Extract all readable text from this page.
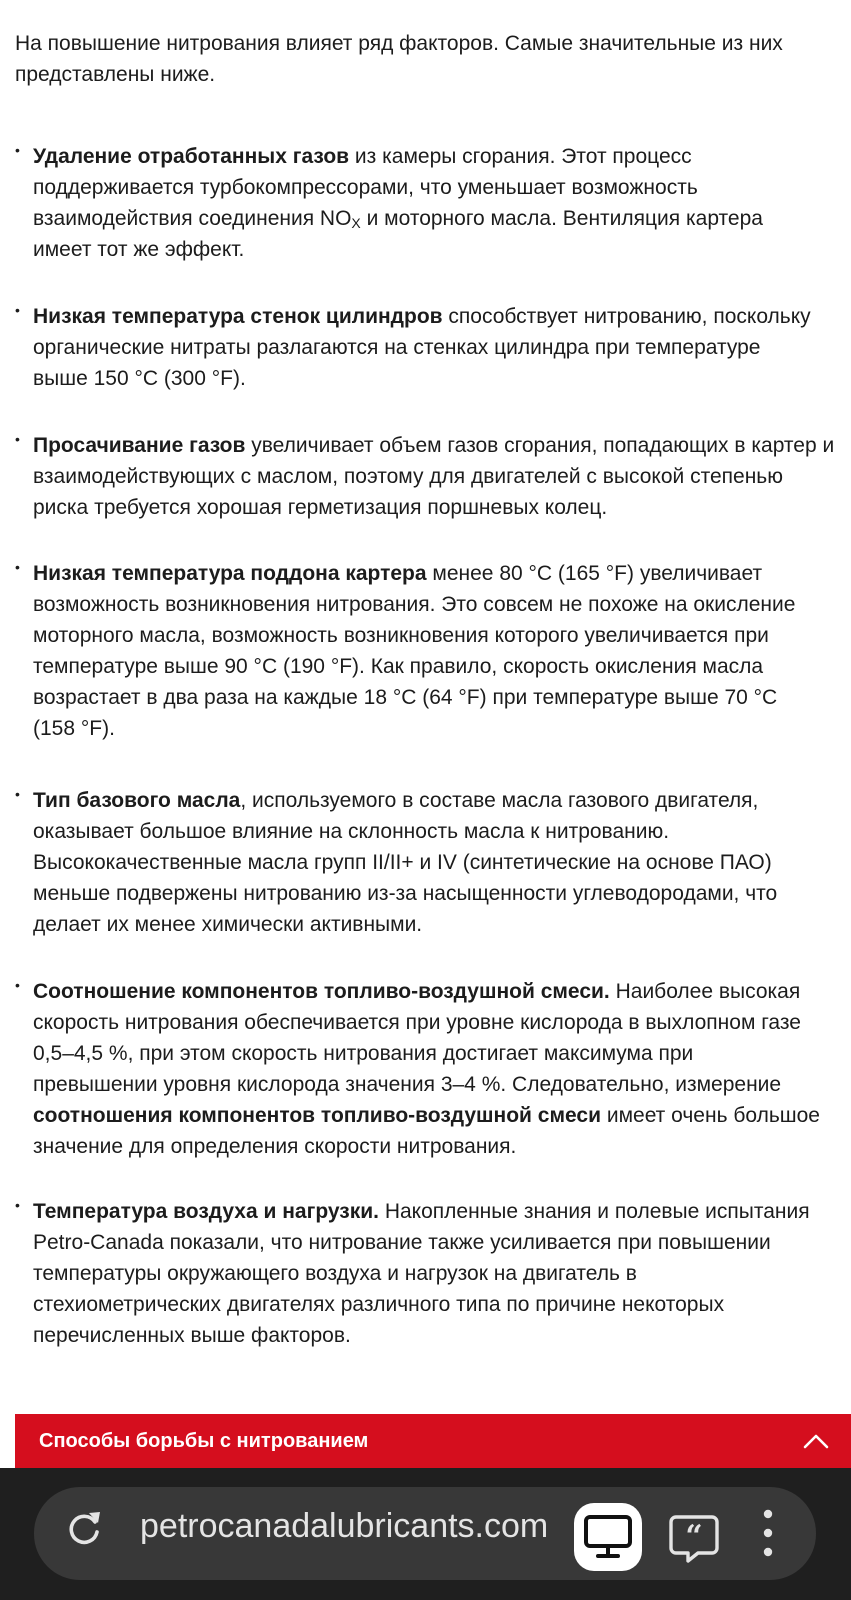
На повышение нитрования влияет ряд факторов. Самые значительные из них
представлены ниже.

• Удаление отработанных газов из камеры сгорания. Этот процесс
поддерживается турбокомпрессорами, что уменьшает возможность
взаимодействия соединения $NO_X$ и моторного масла. Вентиляция картера
имеет тот же эффект.

• Низкая температура стенок цилиндров способствует нитрованию, поскольку
органические нитраты разлагаются на стенках цилиндра при температуре
выше 150 °C (300 °F).

• Просачивание газов увеличивает объем газов сгорания, попадающих в картер и
взаимодействующих с маслом, поэтому для двигателей с высокой степенью
риска требуется хорошая герметизация поршневых колец.

• Низкая температура поддона картера менее 80 °C (165 °F) увеличивает
возможность возникновения нитрования. Это совсем не похоже на окисление
моторного масла, возможность возникновения которого увеличивается при
температуре выше 90 °C (190 °F). Как правило, скорость окисления масла
возрастает в два раза на каждые 18 °C (64 °F) при температуре выше 70 °C
(158 °F).

• Тип базового масла, используемого в составе масла газового двигателя,
оказывает большое влияние на склонность масла к нитрованию.
Высококачественные масла групп II/II+ и IV (синтетические на основе ПАО)
меньше подвержены нитрованию из-за насыщенности углеводородами, что
делает их менее химически активными.

• Соотношение компонентов топливо-воздушной смеси. Наиболее высокая
скорость нитрования обеспечивается при уровне кислорода в выхлопном газе
0,5–4,5 %, при этом скорость нитрования достигает максимума при
превышении уровня кислорода значения 3–4 %. Следовательно, измерение
соотношения компонентов топливо-воздушной смеси имеет очень большое
значение для определения скорости нитрования.

• Температура воздуха и нагрузки. Накопленные знания и полевые испытания
Petro-Canada показали, что нитрование также усиливается при повышении
температуры окружающего воздуха и нагрузок на двигатель в
стехиометрических двигателях различного типа по причине некоторых
перечисленных выше факторов.

Способы борьбы с нитрованием
petrocanadalubricants.com	“
